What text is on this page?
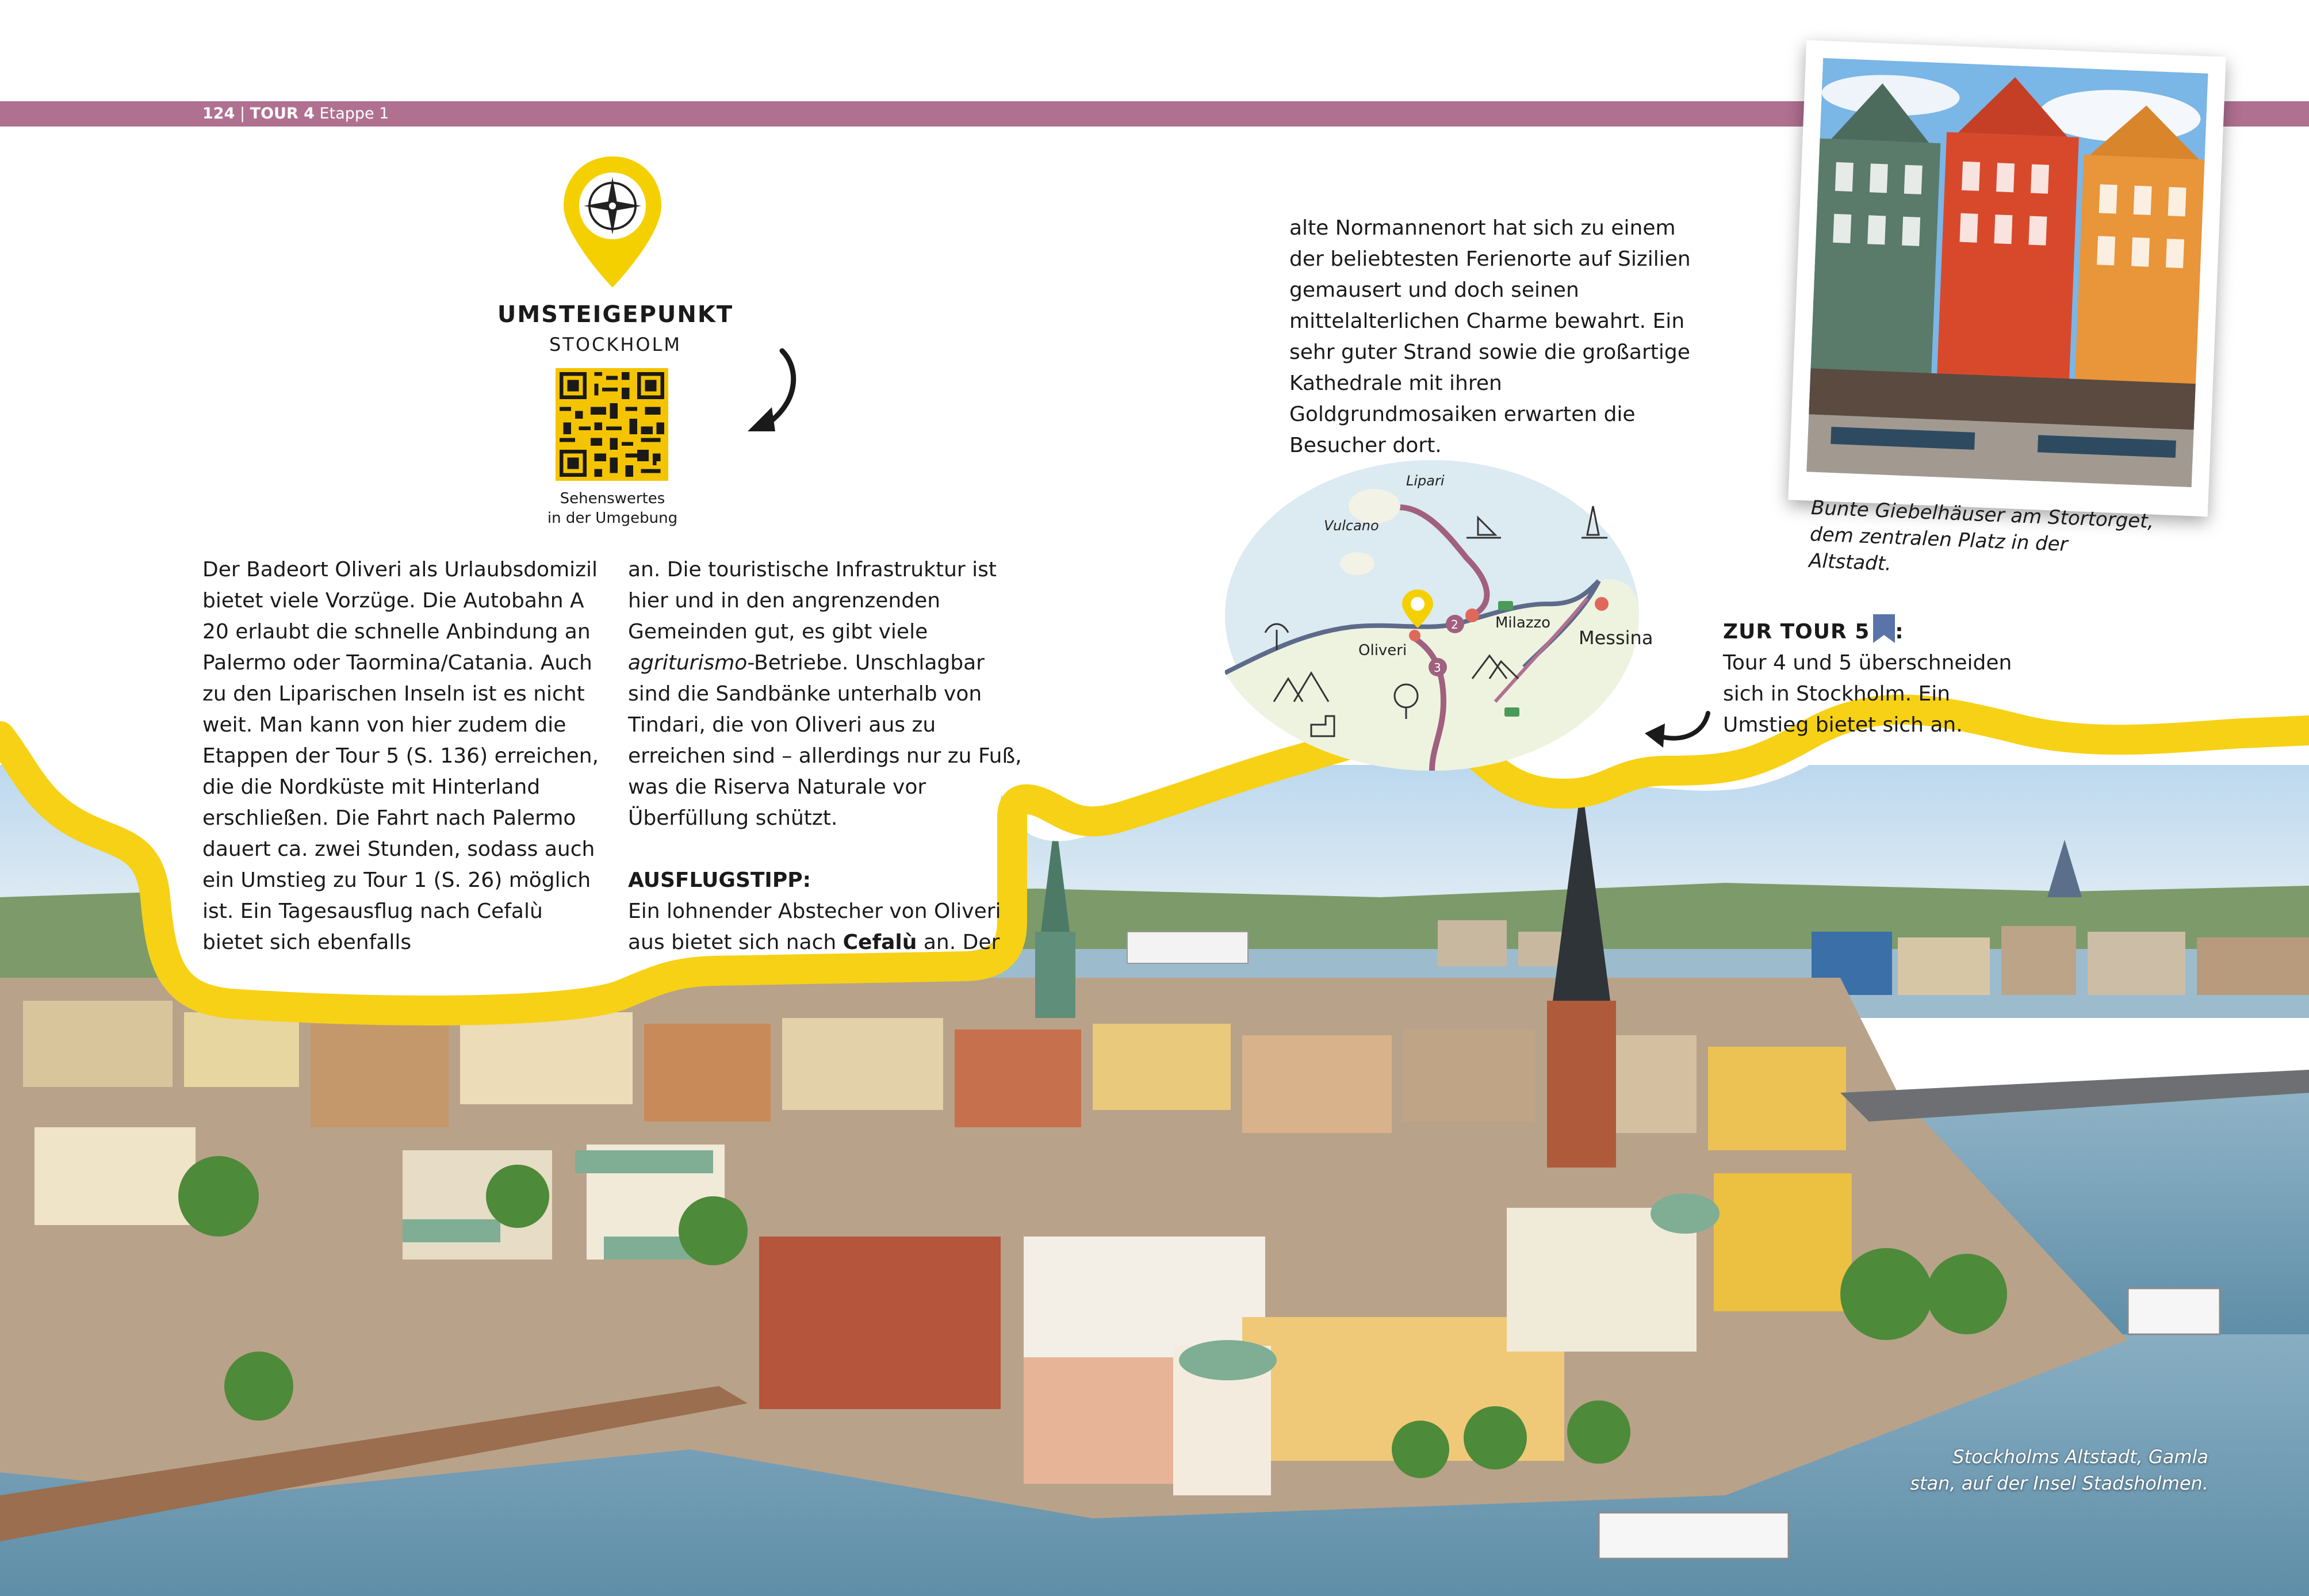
124 | TOUR 4 Etappe 1
UMSTEIGEPUNKT
STOCKHOLM
Sehenswertes
in der Umgebung

Der Badeort Oliveri als Urlaubsdomizil bietet viele Vorzüge. Die Autobahn A 20 erlaubt die schnelle Anbindung an Palermo oder Taormina/Catania. Auch zu den Liparischen Inseln ist es nicht weit. Man kann von hier zudem die Etappen der Tour 5 (S. 136) erreichen, die die Nordküste mit Hinterland erschließen. Die Fahrt nach Palermo dauert ca. zwei Stunden, sodass auch ein Umstieg zu Tour 1 (S. 26) möglich ist. Ein Tagesausflug nach Cefalù bietet sich ebenfalls

an. Die touristische Infrastruktur ist hier und in den angrenzenden Gemeinden gut, es gibt viele agriturismo-Betriebe. Unschlagbar sind die Sandbänke unterhalb von Tindari, die von Oliveri aus zu erreichen sind – allerdings nur zu Fuß, was die Riserva Naturale vor Überfüllung schützt.

AUSFLUGSTIPP:

Ein lohnender Abstecher von Oliveri aus bietet sich nach Cefalù an. Der

alte Normannenort hat sich zu einem der beliebtesten Ferienorte auf Sizilien gemausert und doch seinen mittelalterlichen Charme bewahrt. Ein sehr guter Strand sowie die großartige Kathedrale mit ihren Goldgrundmosaiken erwarten die Besucher dort.

2
3
Lipari
Vulcano
Milazzo
Oliveri
Messina
Bunte Giebelhäuser am Stortorget, dem zentralen Platz in der Altstadt.
ZUR TOUR 5 :
Tour 4 und 5 überschneiden sich in Stockholm. Ein Umstieg bietet sich an.
Stockholms Altstadt, Gamla
stan, auf der Insel Stadsholmen.
